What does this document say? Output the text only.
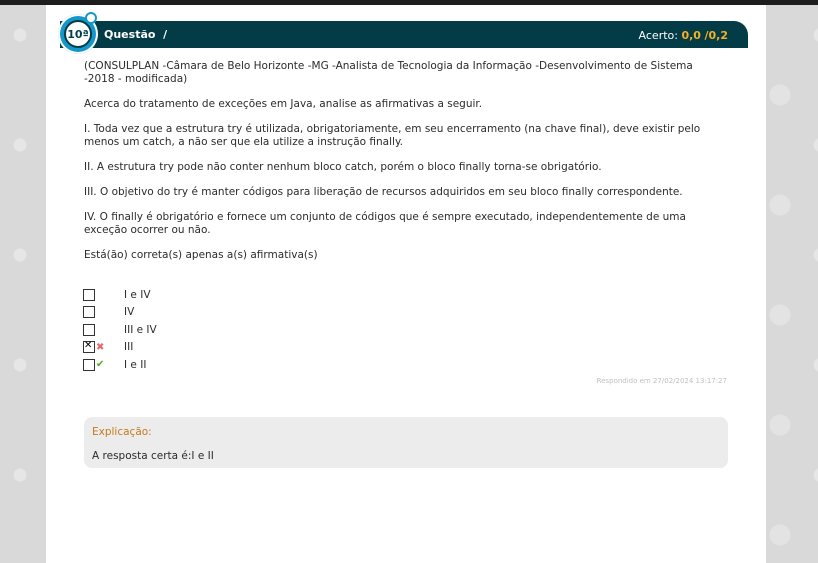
10ª Questão /	Acerto: 0,0 /0,2

(CONSULPLAN -Câmara de Belo Horizonte -MG -Analista de Tecnologia da Informação -Desenvolvimento de Sistema -2018 - modificada)

Acerca do tratamento de exceções em Java, analise as afirmativas a seguir.

I. Toda vez que a estrutura try é utilizada, obrigatoriamente, em seu encerramento (na chave final), deve existir pelo menos um catch, a não ser que ela utilize a instrução finally.

II. A estrutura try pode não conter nenhum bloco catch, porém o bloco finally torna-se obrigatório.

III. O objetivo do try é manter códigos para liberação de recursos adquiridos em seu bloco finally correspondente.

IV. O finally é obrigatório e fornece um conjunto de códigos que é sempre executado, independentemente de uma exceção ocorrer ou não.

Está(ão) correta(s) apenas a(s) afirmativa(s)

I e IV
IV
III e IV
✕
✖	III
✔	I e II
Respondido em 27/02/2024 13:17:27
Explicação:
A resposta certa é:I e II
